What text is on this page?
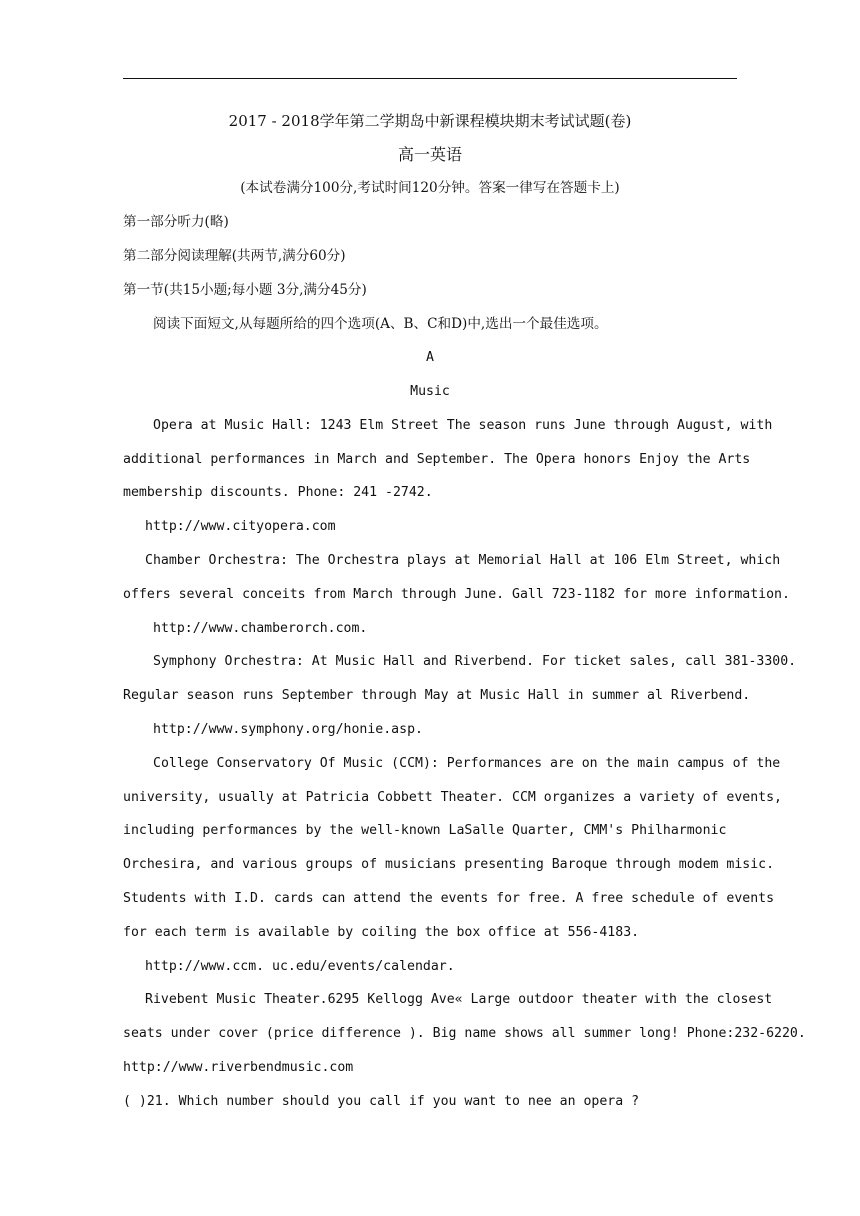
2017 - 2018学年第二学期岛中新课程模块期末考试试题(卷)
高一英语
(本试卷满分100分,考试时间120分钟。答案一律写在答题卡上)
第一部分听力(略)
第二部分阅读理解(共两节,满分60分)
第一节(共15小题;每小题 3分,满分45分)
阅读下面短文,从每题所给的四个选项(A、B、C和D)中,选出一个最佳选项。
A
Music
Opera at Music Hall: 1243 Elm Street The season runs June through August, with
additional performances in March and September. The Opera honors Enjoy the Arts
membership discounts. Phone: 241 -2742.
http://www.cityopera.com
Chamber Orchestra: The Orchestra plays at Memorial Hall at 106 Elm Street, which
offers several conceits from March through June. Gall 723-1182 for more information.
http://www.chamberorch.com.
Symphony Orchestra: At Music Hall and Riverbend. For ticket sales, call 381-3300.
Regular season runs September through May at Music Hall in summer al Riverbend.
http://www.symphony.org/honie.asp.
College Conservatory Of Music (CCM): Performances are on the main campus of the
university, usually at Patricia Cobbett Theater. CCM organizes a variety of events,
including performances by the well-known LaSalle Quarter, CMM's Philharmonic
Orchesira, and various groups of musicians presenting Baroque through modem misic.
Students with I.D. cards can attend the events for free. A free schedule of events
for each term is available by coiling the box office at 556-4183.
http://www.ccm. uc.edu/events/calendar.
Rivebent Music Theater.6295 Kellogg Ave« Large outdoor theater with the closest
seats under cover (price difference ). Big name shows all summer long! Phone:232-6220.
http://www.riverbendmusic.com
( )21. Which number should you call if you want to nee an opera ?
